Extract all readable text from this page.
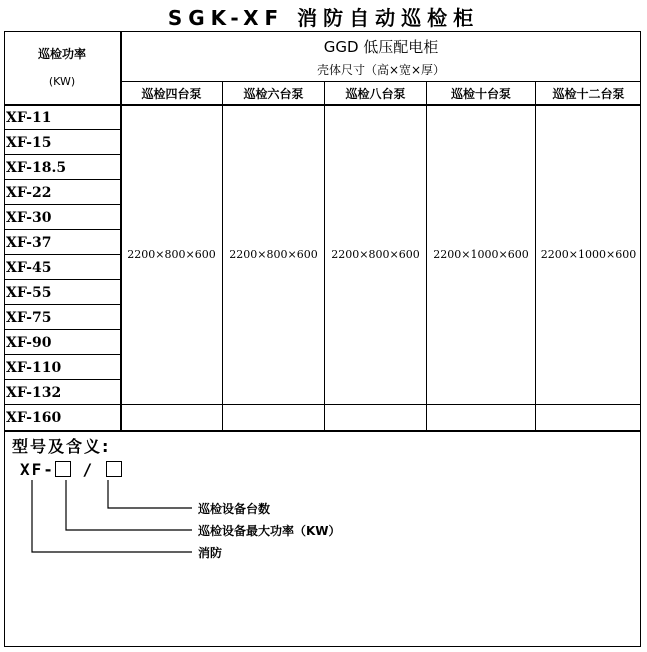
SGK-XF 消防自动巡检柜
巡检功率
(KW)
GGD 低压配电柜
壳体尺寸（高×宽×厚）
巡检四台泵	巡检六台泵	巡检八台泵	巡检十台泵	巡检十二台泵
XF-11
XF-15
XF-18.5
XF-22
XF-30
XF-37
XF-45
XF-55
XF-75
XF-90
XF-110
XF-132
XF-160
2200×800×600	2200×800×600	2200×800×600	2200×1000×600	2200×1000×600
型号及含义:
XF- /
巡检设备台数
巡检设备最大功率（KW）
消防
